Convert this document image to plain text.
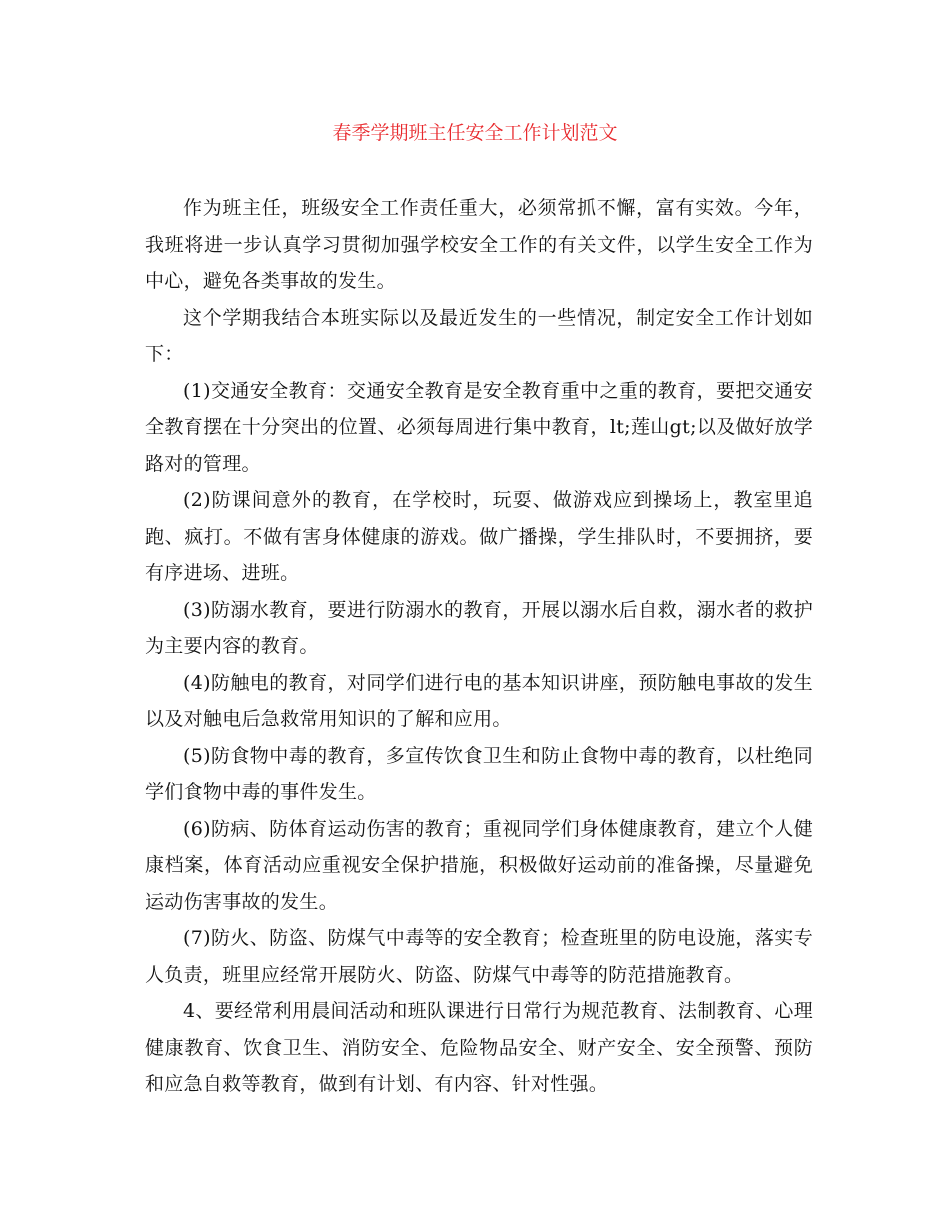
春季学期班主任安全工作计划范文

作为班主任，班级安全工作责任重大，必须常抓不懈，富有实效。今年，我班将进一步认真学习贯彻加强学校安全工作的有关文件，以学生安全工作为中心，避免各类事故的发生。

这个学期我结合本班实际以及最近发生的一些情况，制定安全工作计划如下：

(1)交通安全教育：交通安全教育是安全教育重中之重的教育，要把交通安全教育摆在十分突出的位置、必须每周进行集中教育，lt;莲山gt;以及做好放学路对的管理。

(2)防课间意外的教育，在学校时，玩耍、做游戏应到操场上，教室里追跑、疯打。不做有害身体健康的游戏。做广播操，学生排队时，不要拥挤，要有序进场、进班。

(3)防溺水教育，要进行防溺水的教育，开展以溺水后自救，溺水者的救护为主要内容的教育。

(4)防触电的教育，对同学们进行电的基本知识讲座，预防触电事故的发生以及对触电后急救常用知识的了解和应用。

(5)防食物中毒的教育，多宣传饮食卫生和防止食物中毒的教育，以杜绝同学们食物中毒的事件发生。

(6)防病、防体育运动伤害的教育；重视同学们身体健康教育，建立个人健康档案，体育活动应重视安全保护措施，积极做好运动前的准备操，尽量避免运动伤害事故的发生。

(7)防火、防盗、防煤气中毒等的安全教育；检查班里的防电设施，落实专人负责，班里应经常开展防火、防盗、防煤气中毒等的防范措施教育。

4、要经常利用晨间活动和班队课进行日常行为规范教育、法制教育、心理健康教育、饮食卫生、消防安全、危险物品安全、财产安全、安全预警、预防和应急自救等教育，做到有计划、有内容、针对性强。
